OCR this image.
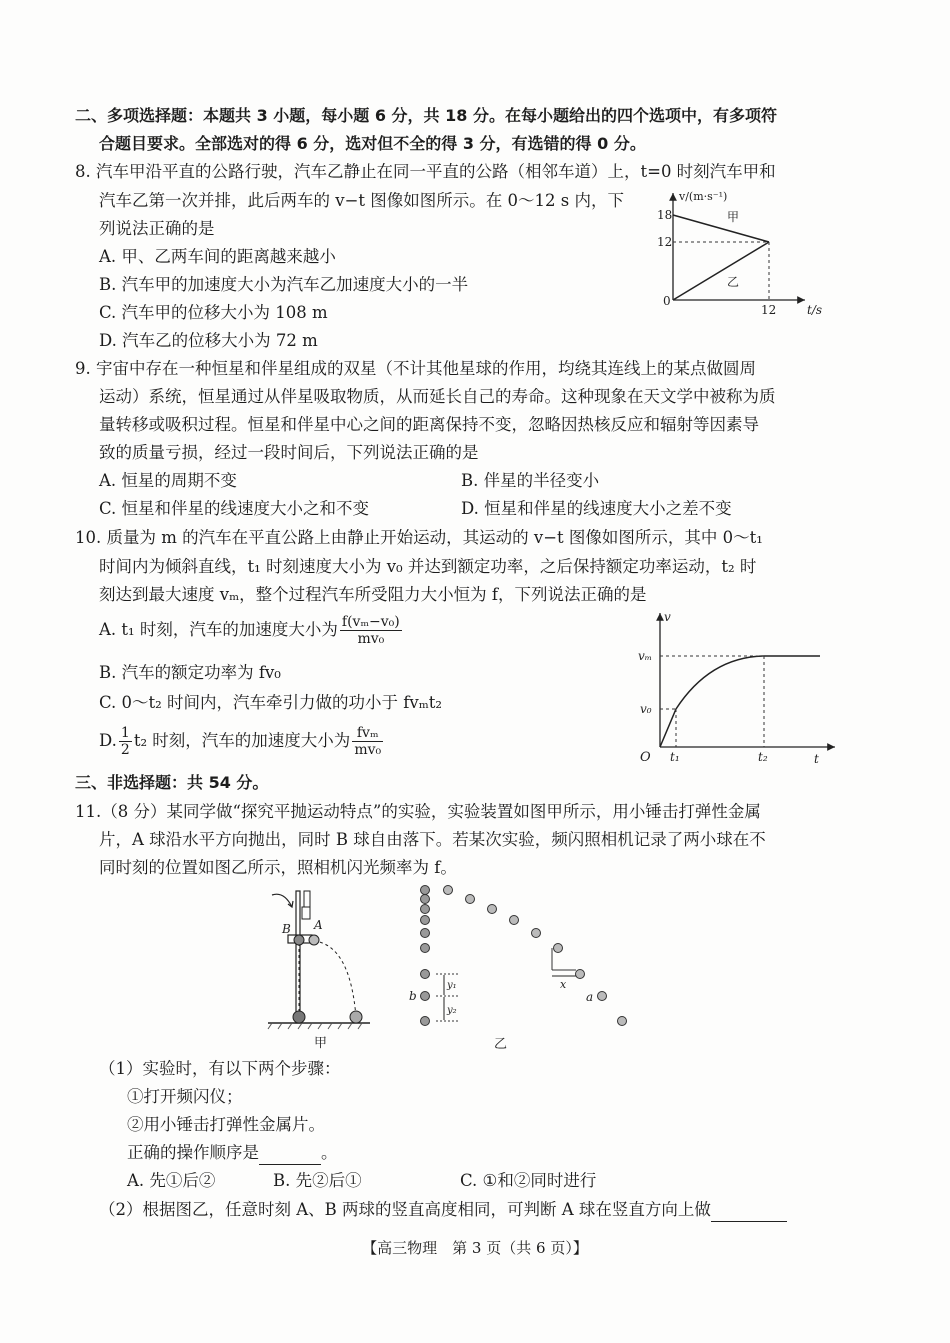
二、多项选择题：本题共 3 小题，每小题 6 分，共 18 分。在每小题给出的四个选项中，有多项符
合题目要求。全部选对的得 6 分，选对但不全的得 3 分，有选错的得 0 分。
8. 汽车甲沿平直的公路行驶，汽车乙静止在同一平直的公路（相邻车道）上，t=0 时刻汽车甲和
汽车乙第一次并排，此后两车的 v−t 图像如图所示。在 0～12 s 内，下
列说法正确的是
A. 甲、乙两车间的距离越来越小
B. 汽车甲的加速度大小为汽车乙加速度大小的一半
C. 汽车甲的位移大小为 108 m
D. 汽车乙的位移大小为 72 m
v/(m·s⁻¹)
18
12
0
12	t/s
甲
乙
9. 宇宙中存在一种恒星和伴星组成的双星（不计其他星球的作用，均绕其连线上的某点做圆周
运动）系统，恒星通过从伴星吸取物质，从而延长自己的寿命。这种现象在天文学中被称为质
量转移或吸积过程。恒星和伴星中心之间的距离保持不变，忽略因热核反应和辐射等因素导
致的质量亏损，经过一段时间后，下列说法正确的是
A. 恒星的周期不变	B. 伴星的半径变小
C. 恒星和伴星的线速度大小之和不变	D. 恒星和伴星的线速度大小之差不变
10. 质量为 m 的汽车在平直公路上由静止开始运动，其运动的 v−t 图像如图所示，其中 0～t₁
时间内为倾斜直线，t₁ 时刻速度大小为 v₀ 并达到额定功率，之后保持额定功率运动，t₂ 时
刻达到最大速度 vₘ，整个过程汽车所受阻力大小恒为 f，下列说法正确的是
A. t₁ 时刻，汽车的加速度大小为 $\frac{\text{f(vₘ−v₀)}}{\text{mv₀}}$
B. 汽车的额定功率为 fv₀
C. 0～t₂ 时间内，汽车牵引力做的功小于 fvₘt₂
D. $\frac{1}{2} t_2$ 时刻，汽车的加速度大小为 $\frac{\text{fvₘ}}{\text{mv₀}}$
v
vₘ
v₀
O t₁	t₂	t
三、非选择题：共 54 分。
11.（8 分）某同学做“探究平抛运动特点”的实验，实验装置如图甲所示，用小锤击打弹性金属
片，A 球沿水平方向抛出，同时 B 球自由落下。若某次实验，频闪照相机记录了两小球在不
同时刻的位置如图乙所示，照相机闪光频率为 f。
B A
甲
y₁
y₂
b
x
a
乙
（1）实验时，有以下两个步骤：
①打开频闪仪；
②用小锤击打弹性金属片。
正确的操作顺序是	。
A. 先①后②	B. 先②后①	C. ①和②同时进行
（2）根据图乙，任意时刻 A、B 两球的竖直高度相同，可判断 A 球在竖直方向上做
【高三物理　第 3 页（共 6 页）】
